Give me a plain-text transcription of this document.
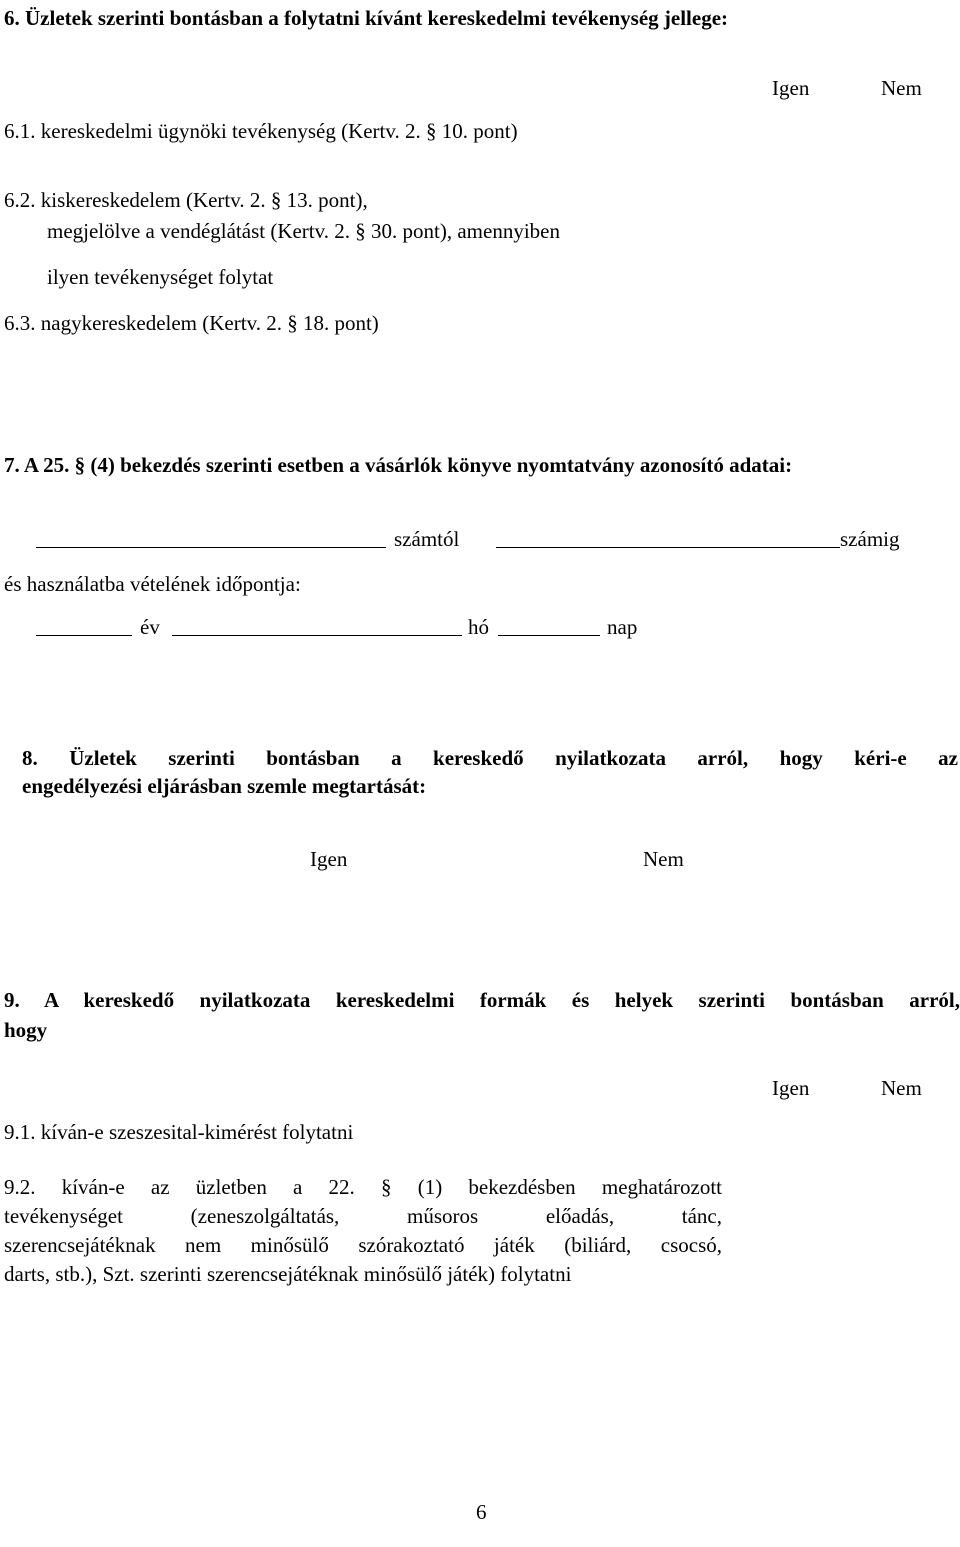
6. Üzletek szerinti bontásban a folytatni kívánt kereskedelmi tevékenység jellege:
Igen	Nem
6.1. kereskedelmi ügynöki tevékenység (Kertv. 2. § 10. pont)
6.2. kiskereskedelem (Kertv. 2. § 13. pont),
megjelölve a vendéglátást (Kertv. 2. § 30. pont), amennyiben
ilyen tevékenységet folytat
6.3. nagykereskedelem (Kertv. 2. § 18. pont)
7. A 25. § (4) bekezdés szerinti esetben a vásárlók könyve nyomtatvány azonosító adatai:
számtól	számig
és használatba vételének időpontja:
év	hó	nap
8. Üzletek szerinti bontásban a kereskedő nyilatkozata arról, hogy kéri-e az
engedélyezési eljárásban szemle megtartását:
Igen	Nem
9. A kereskedő nyilatkozata kereskedelmi formák és helyek szerinti bontásban arról,
hogy
Igen	Nem
9.1. kíván-e szeszesital-kimérést folytatni
9.2. kíván-e az üzletben a 22. § (1) bekezdésben meghatározott
tevékenységet (zeneszolgáltatás, műsoros előadás, tánc,
szerencsejátéknak nem minősülő szórakoztató játék (biliárd, csocsó,
darts, stb.), Szt. szerinti szerencsejátéknak minősülő játék) folytatni
6
